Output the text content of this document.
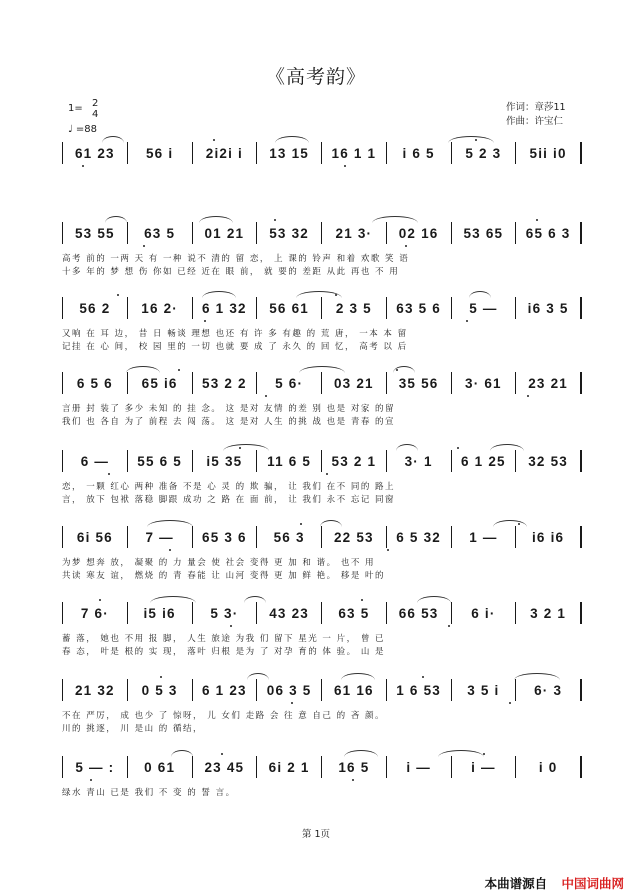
《高考韵》
1= 2
4
♩ =88
作词：章莎11
作曲：许宝仁
61 23	56 i	2i2i i	13 15	16 1 1	i 6 5	5 2 3	5ii i0
53 55	63 5	01 21	53 32	21 3·	02 16	53 65	65 6 3
高考 前的 一两 天 有 一种 说不 清的 留 恋， 上 课的 铃声 和着 欢歌 笑 语
十多 年的 梦 想 伤 你如 已经 近在 眼 前， 就 要的 差距 从此 再也 不 用
56 2	16 2·	6 1 32	56 61	2 3 5	63 5 6	5 —	i6 3 5
又响 在 耳 边， 昔 日 畅谈 理想 也还 有 许 多 有趣 的 荒 唐， 一本 本 留
记挂 在 心 间， 校 园 里的 一切 也就 要 成 了 永久 的 回 忆， 高考 以 后
6 5 6	65 i6	53 2 2	5 6·	03 21	35 56	3· 61	23 21
言册 封 装了 多少 未知 的 挂 念。 这 是对 友情 的差 别 也是 对家 的留
我们 也 各自 为了 前程 去 闯 荡。 这 是对 人生 的挑 战 也是 青春 的宣
6 —	55 6 5	i5 35	11 6 5	53 2 1	3· 1	6 1 25	32 53
恋， 一颗 红心 两种 准备 不是 心 灵 的 欺 骗， 让 我们 在不 同的 路上
言， 放下 包袱 落稳 脚跟 成功 之 路 在 面 前， 让 我们 永不 忘记 同窗
6i 56	7 —	65 3 6	56 3	22 53	6 5 32	1 —	i6 i6
为梦 想奔 放， 凝聚 的 力 量会 使 社会 变得 更 加 和 谐。 也不 用
共读 寒友 谊， 燃烧 的 青 春能 让 山河 变得 更 加 鲜 艳。 移是 叶的
7 6·	i5 i6	5 3·	43 23	63 5	66 53	6 i·	3 2 1
蓄 落， 她也 不用 报 脚， 人生 旅途 为我 们 留下 星光 一 片， 曾 已
春 态， 叶是 根的 实 现， 落叶 归根 是为 了 对孕 育的 体 验。 山 是
21 32	0 5 3	6 1 23	06 3 5	61 16	1 6 53	3 5 i	6· 3
不在 严厉， 成 也少 了 惊呀， 儿 女们 走路 会 往 意 自己 的 吝 颜。
川的 挑逐， 川 是山 的 循结，
5 — :	0 61	23 45	6i 2 1	16 5	i —	i —	i 0
绿水 青山 已是 我们 不 变 的 誓 言。
第 1页
本曲谱源自 中国词曲网
